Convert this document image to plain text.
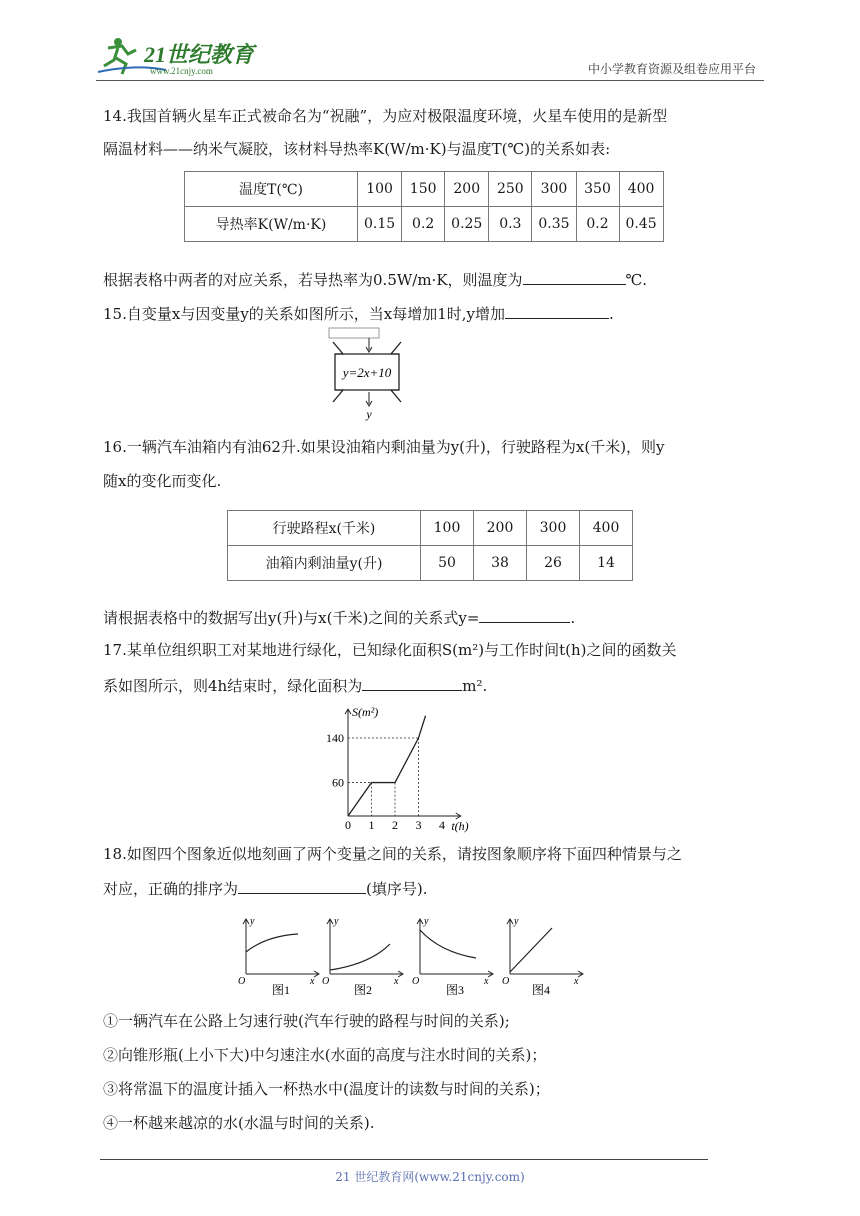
21世纪教育
www.21cnjy.com	中小学教育资源及组卷应用平台
14.我国首辆火星车正式被命名为“祝融”，为应对极限温度环境，火星车使用的是新型
隔温材料——纳米气凝胶，该材料导热率K(W/m·K)与温度T(℃)的关系如表:
温度T(℃)	100	150	200	250	300	350	400
导热率K(W/m·K)	0.15	0.2	0.25	0.3	0.35	0.2	0.45
根据表格中两者的对应关系，若导热率为0.5W/m·K，则温度为	℃.
15.自变量x与因变量y的关系如图所示，当x每增加1时,y增加	.
y=2x+10
y
16.一辆汽车油箱内有油62升.如果设油箱内剩油量为y(升)，行驶路程为x(千米)，则y
随x的变化而变化.
行驶路程x(千米)	100	200	300	400
油箱内剩油量y(升)	50	38	26	14
请根据表格中的数据写出y(升)与x(千米)之间的关系式y=	.
17.某单位组织职工对某地进行绿化，已知绿化面积S(m²)与工作时间t(h)之间的函数关
系如图所示，则4h结束时，绿化面积为	m².
0 1 2 3 4
60
140
t(h)
S(m²)
18.如图四个图象近似地刻画了两个变量之间的关系，请按图象顺序将下面四种情景与之
对应，正确的排序为	(填序号).
y
O	x
图1
y
O	x
图2
y
O	x
图3
y
O	x
图4
①一辆汽车在公路上匀速行驶(汽车行驶的路程与时间的关系);
②向锥形瓶(上小下大)中匀速注水(水面的高度与注水时间的关系)；
③将常温下的温度计插入一杯热水中(温度计的读数与时间的关系)；
④一杯越来越凉的水(水温与时间的关系).
21 世纪教育网(www.21cnjy.com)
